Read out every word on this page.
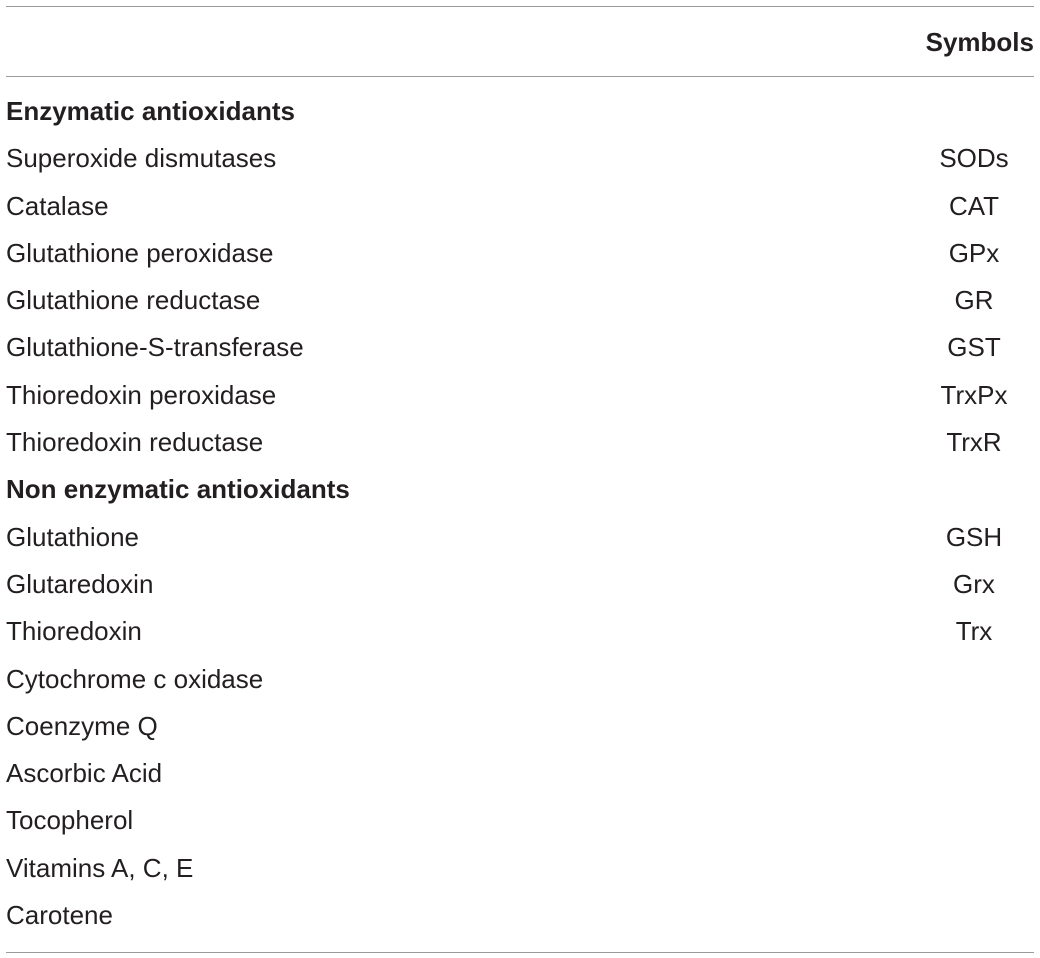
Symbols
Enzymatic antioxidants
Superoxide dismutases	SODs
Catalase	CAT
Glutathione peroxidase	GPx
Glutathione reductase	GR
Glutathione-S-transferase	GST
Thioredoxin peroxidase	TrxPx
Thioredoxin reductase	TrxR
Non enzymatic antioxidants
Glutathione	GSH
Glutaredoxin	Grx
Thioredoxin	Trx
Cytochrome c oxidase
Coenzyme Q
Ascorbic Acid
Tocopherol
Vitamins A, C, E
Carotene
